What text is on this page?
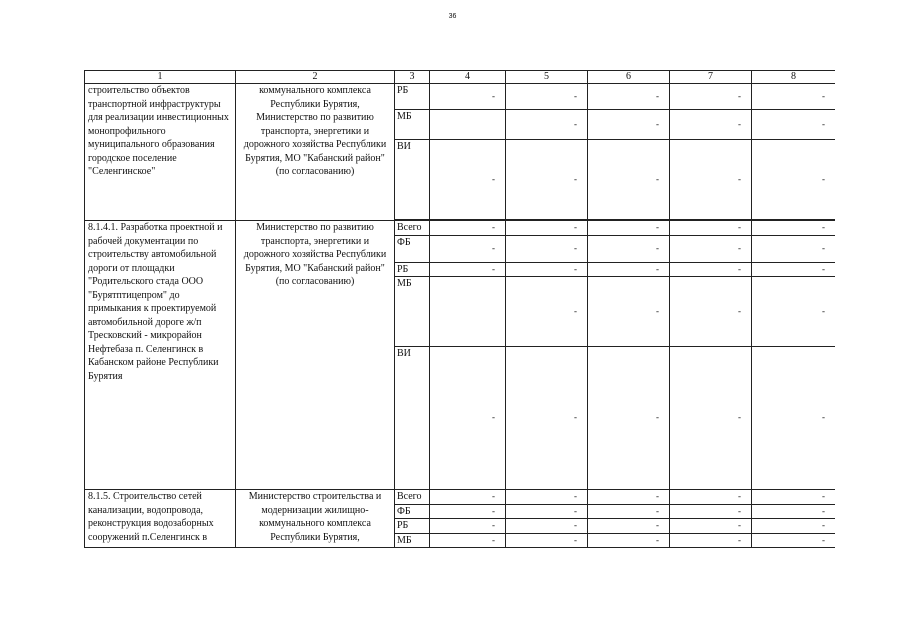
36
1	2	3	4	5	6	7	8
строительство объектов транспортной инфраструктуры для реализации инвестиционных монопрофильного муниципального образования городское поселение "Селенгинское"	коммунального комплекса Республики Бурятия, Министерство по развитию транспорта, энергетики и дорожного хозяйства Республики Бурятия, МО "Кабанский район" (по согласованию)	РБ	-	-	-	-	-
		МБ		-	-	-	-
		ВИ	-	-	-	-	-

8.1.4.1. Разработка проектной и рабочей документации по строительству автомобильной дороги от площадки "Родительского стада ООО "Бурятптицепром" до примыкания к проектируемой автомобильной дороге ж/п Тресковский - микрорайон Нефтебаза п. Селенгинск в Кабанском районе Республики Бурятия	Министерство по развитию транспорта, энергетики и дорожного хозяйства Республики Бурятия, МО "Кабанский район" (по согласованию)	Всего	-	-	-	-	-
		ФБ	-	-	-	-	-
		РБ	-	-	-	-	-
		МБ		-	-	-	-
		ВИ	-	-	-	-	-
8.1.5. Строительство сетей канализации, водопровода, реконструкция водозаборных сооружений п.Селенгинск в	Министерство строительства и модернизации жилищно-коммунального комплекса Республики Бурятия,	Всего	-	-	-	-	-
		ФБ	-	-	-	-	-
		РБ	-	-	-	-	-
		МБ	-	-	-	-	-
